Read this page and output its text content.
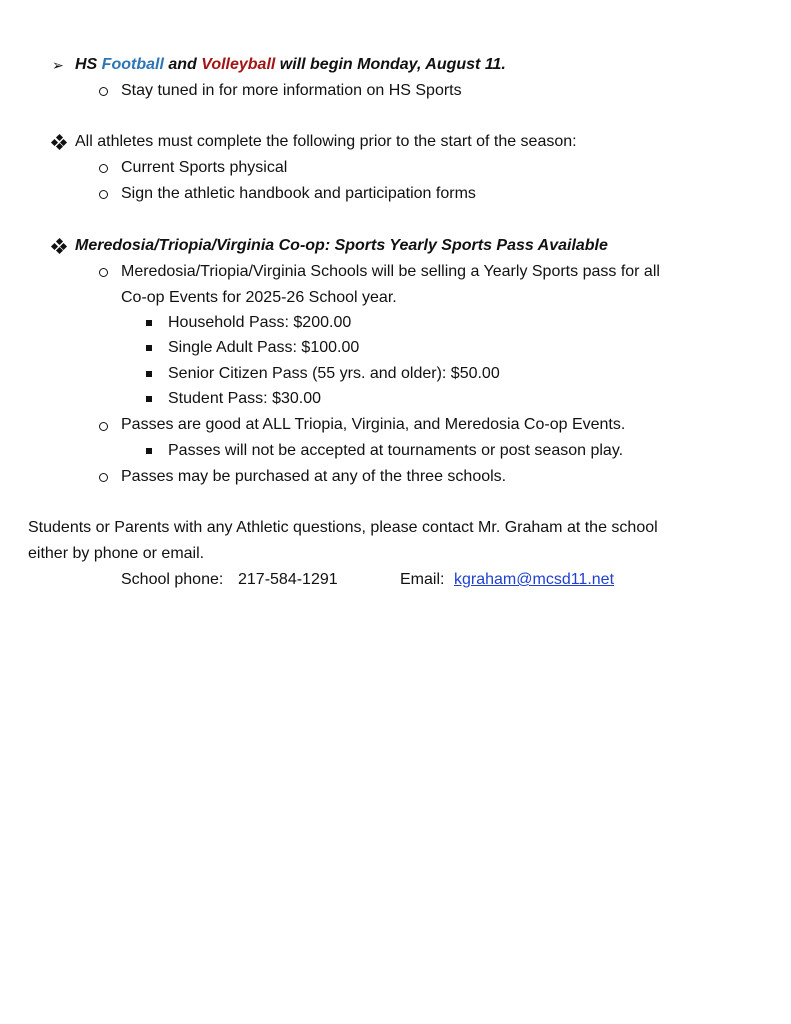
➢ HS Football and Volleyball will begin Monday, August 11.
Stay tuned in for more information on HS Sports
All athletes must complete the following prior to the start of the season:
Current Sports physical
Sign the athletic handbook and participation forms
Meredosia/Triopia/Virginia Co-op: Sports Yearly Sports Pass Available
Meredosia/Triopia/Virginia Schools will be selling a Yearly Sports pass for all
Co-op Events for 2025-26 School year.
Household Pass: $200.00
Single Adult Pass: $100.00
Senior Citizen Pass (55 yrs. and older): $50.00
Student Pass: $30.00
Passes are good at ALL Triopia, Virginia, and Meredosia Co-op Events.
Passes will not be accepted at tournaments or post season play.
Passes may be purchased at any of the three schools.
Students or Parents with any Athletic questions, please contact Mr. Graham at the school
either by phone or email.
School phone: 217-584-1291	Email: kgraham@mcsd11.net
